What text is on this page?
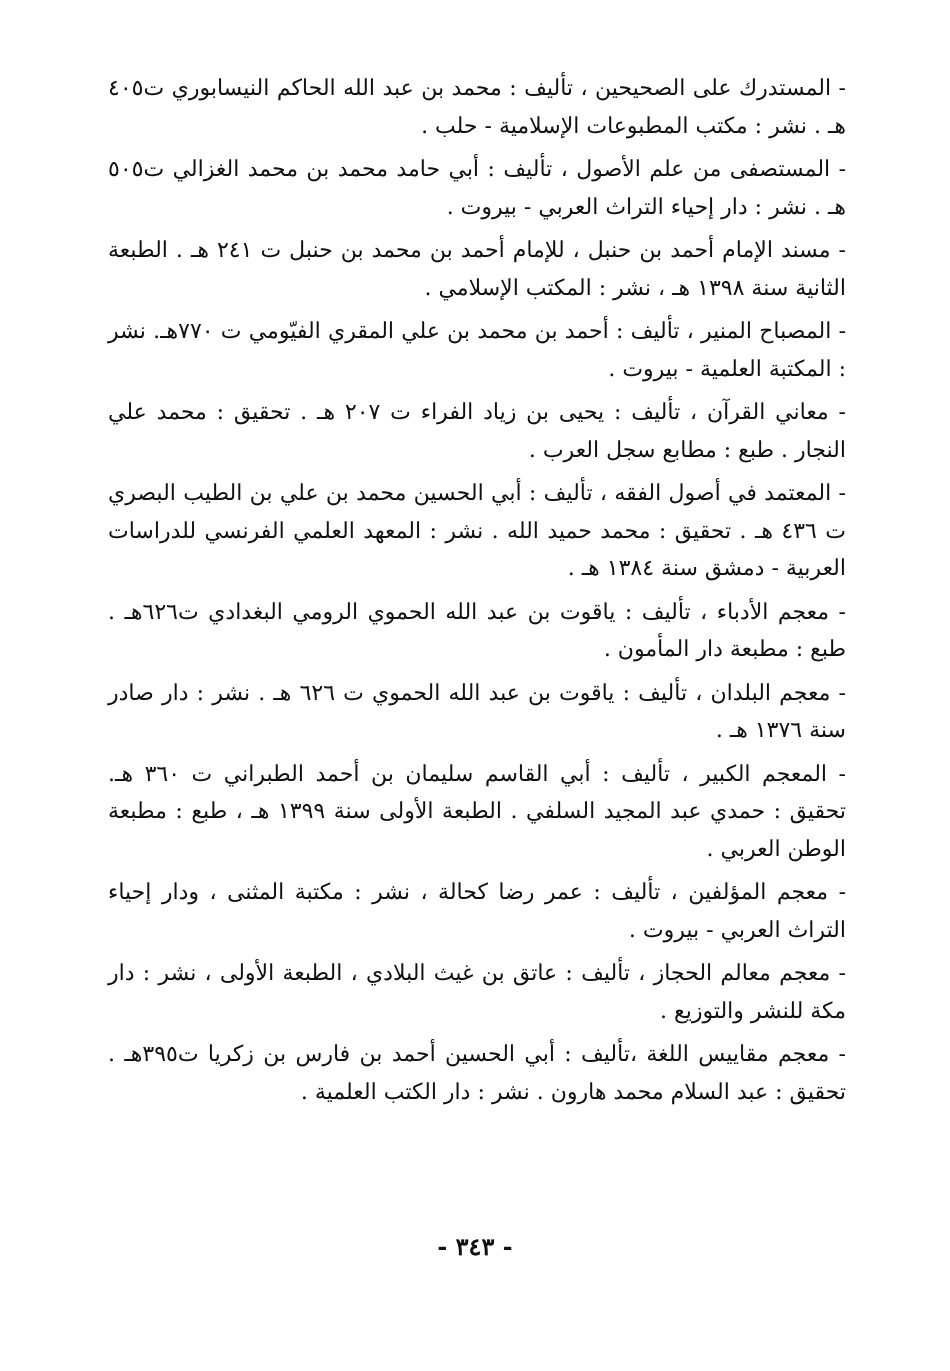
- المستدرك على الصحيحين ، تأليف : محمد بن عبد الله الحاكم النيسابوري ت٤٠٥ هـ . نشر : مكتب المطبوعات الإسلامية - حلب .
- المستصفى من علم الأصول ، تأليف : أبي حامد محمد بن محمد الغزالي ت٥٠٥ هـ . نشر : دار إحياء التراث العربي - بيروت .
- مسند الإمام أحمد بن حنبل ، للإمام أحمد بن محمد بن حنبل ت ٢٤١ هـ . الطبعة الثانية سنة ١٣٩٨ هـ ، نشر : المكتب الإسلامي .
- المصباح المنير ، تأليف : أحمد بن محمد بن علي المقري الفيّومي ت ٧٧٠هـ. نشر : المكتبة العلمية - بيروت .
- معاني القرآن ، تأليف : يحيى بن زياد الفراء ت ٢٠٧ هـ . تحقيق : محمد علي النجار . طبع : مطابع سجل العرب .
- المعتمد في أصول الفقه ، تأليف : أبي الحسين محمد بن علي بن الطيب البصري ت ٤٣٦ هـ . تحقيق : محمد حميد الله . نشر : المعهد العلمي الفرنسي للدراسات العربية - دمشق سنة ١٣٨٤ هـ .
- معجم الأدباء ، تأليف : ياقوت بن عبد الله الحموي الرومي البغدادي ت٦٢٦هـ . طبع : مطبعة دار المأمون .
- معجم البلدان ، تأليف : ياقوت بن عبد الله الحموي ت ٦٢٦ هـ . نشر : دار صادر سنة ١٣٧٦ هـ .
- المعجم الكبير ، تأليف : أبي القاسم سليمان بن أحمد الطبراني ت ٣٦٠ هـ. تحقيق : حمدي عبد المجيد السلفي . الطبعة الأولى سنة ١٣٩٩ هـ ، طبع : مطبعة الوطن العربي .
- معجم المؤلفين ، تأليف : عمر رضا كحالة ، نشر : مكتبة المثنى ، ودار إحياء التراث العربي - بيروت .
- معجم معالم الحجاز ، تأليف : عاتق بن غيث البلادي ، الطبعة الأولى ، نشر : دار مكة للنشر والتوزيع .
- معجم مقاييس اللغة ،تأليف : أبي الحسين أحمد بن فارس بن زكريا ت٣٩٥هـ . تحقيق : عبد السلام محمد هارون . نشر : دار الكتب العلمية .
- ٣٤٣ -
